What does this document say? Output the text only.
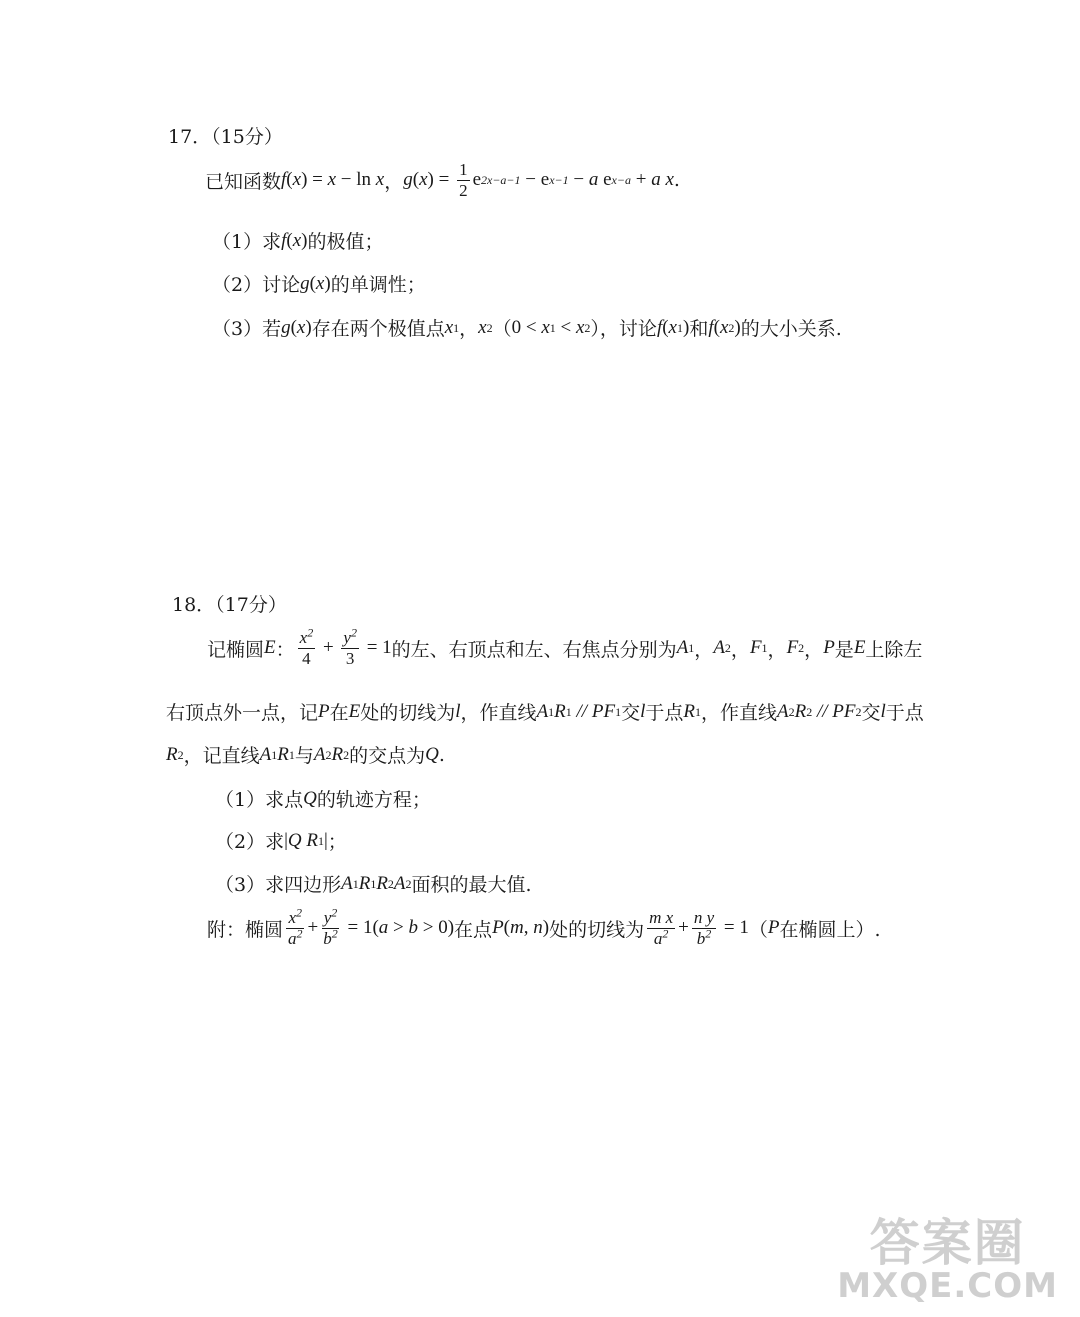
17．（15分）
已知函数 f ( x ) = x − ln x ， g ( x ) = $\frac{1}{2}$ e 2x−a−1 − e x−1 − a e x−a + a x .
（1）求 f ( x ) 的极值；
（2）讨论 g ( x ) 的单调性；
（3）若 g ( x ) 存在两个极值点 x 1 ， x 2 （ 0 < x 1 < x 2 ），讨论 f ( x 1 ) 和 f ( x 2 ) 的大小关系.
18．（17分）
记椭圆 E ： $\frac{x^2}{4} + \frac{y^2}{3} = 1$ 的左、右顶点和左、右焦点分别为 A 1 ， A 2 ， F 1 ， F 2 ， P 是 E 上除左
右顶点外一点，记 P 在 E 处的切线为 l ，作直线 A 1 R 1 // PF 1 交 l 于点 R 1 ，作直线 A 2 R 2 // PF 2 交 l 于点
R 2 ，记直线 A 1 R 1 与 A 2 R 2 的交点为 Q .
（1）求点 Q 的轨迹方程；
（2）求 | Q R 1 | ；
（3）求四边形 A 1 R 1 R 2 A 2 面积的最大值.
附：椭圆 $\frac{x^2}{a^2} + \frac{y^2}{b^2} = 1$( a > b > 0) 在点 P ( m , n ) 处的切线为 $\frac{\text{m x}}{a^2} + \frac{\text{n y}}{b^2} = 1$ （ P 在椭圆上）.
答案圈
MXQE.COM
